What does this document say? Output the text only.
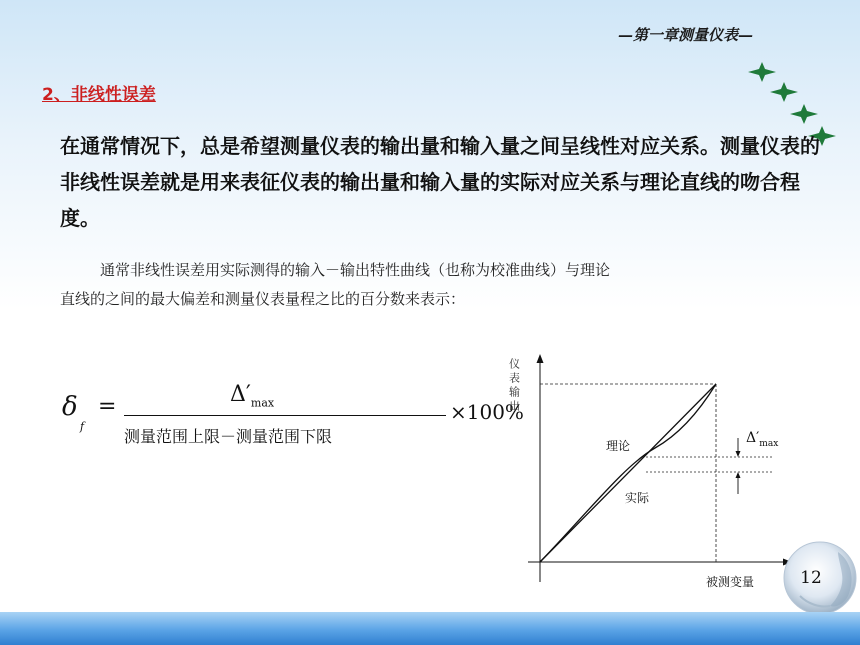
—第一章测量仪表—
2、非线性误差
在通常情况下，总是希望测量仪表的输出量和输入量之间呈线性对应关系。测量仪表的非线性误差就是用来表征仪表的输出量和输入量的实际对应关系与理论直线的吻合程度。
通常非线性误差用实际测得的输入－输出特性曲线（也称为校准曲线）与理论
直线的之间的最大偏差和测量仪表量程之比的百分数来表示：
δ
f
=	$\Delta'_{max}$
测量范围上限－测量范围下限
×100%
仪表输出
理论
实际
$\Delta'_{max}$
被测变量	12
